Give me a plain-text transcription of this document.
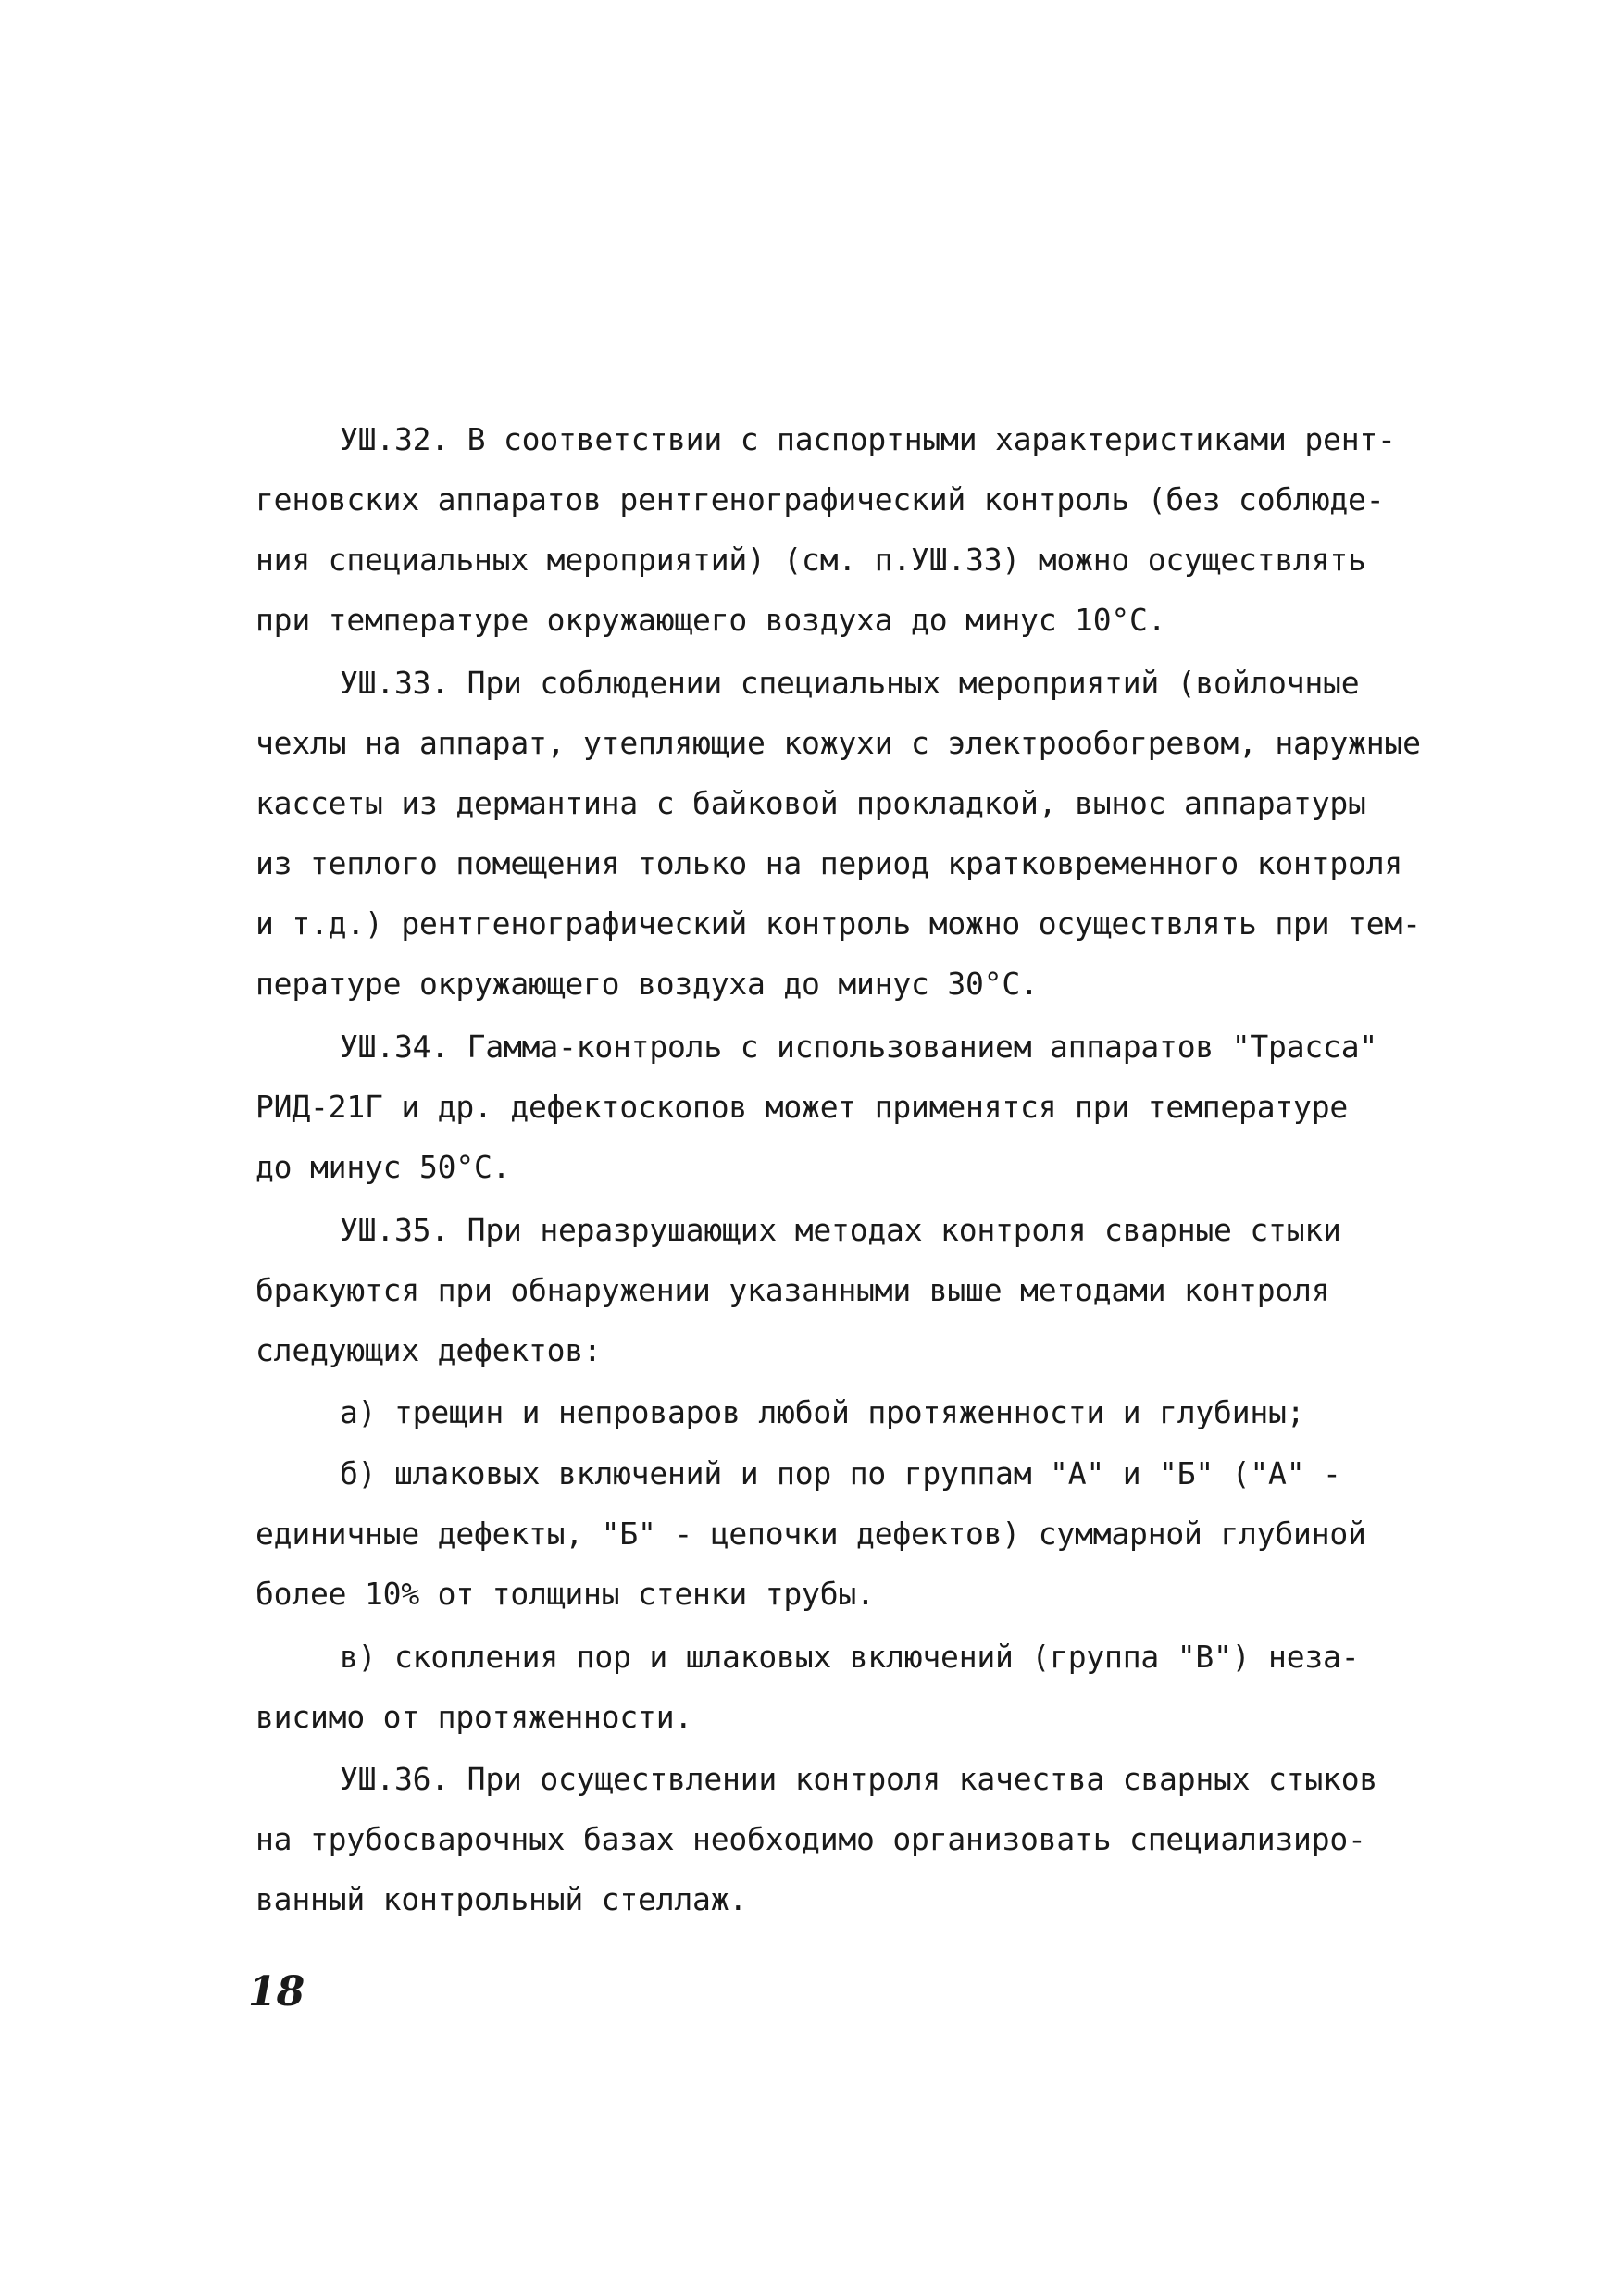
УШ.32. В соответствии с паспортными характеристиками рент-
геновских аппаратов рентгенографический контроль (без соблюде-
ния специальных мероприятий) (см. п.УШ.33) можно осуществлять
при температуре окружающего воздуха до минус 10°С.
УШ.33. При соблюдении специальных мероприятий (войлочные
чехлы на аппарат, утепляющие кожухи с электрообогревом, наружные
кассеты из дермантина с байковой прокладкой, вынос аппаратуры
из теплого помещения только на период кратковременного контроля
и т.д.) рентгенографический контроль можно осуществлять при тем-
пературе окружающего воздуха до минус 30°С.
УШ.34. Гамма-контроль с использованием аппаратов "Трасса"
РИД-21Г и др. дефектоскопов может применятся при температуре
до минус 50°С.
УШ.35. При неразрушающих методах контроля сварные стыки
бракуются при обнаружении указанными выше методами контроля
следующих дефектов:
а) трещин и непроваров любой протяженности и глубины;
б) шлаковых включений и пор по группам "А" и "Б" ("А" -
единичные дефекты, "Б" - цепочки дефектов) суммарной глубиной
более 10% от толщины стенки трубы.
в) скопления пор и шлаковых включений (группа "В") неза-
висимо от протяженности.
УШ.36. При осуществлении контроля качества сварных стыков
на трубосварочных базах необходимо организовать специализиро-
ванный контрольный стеллаж.
18
